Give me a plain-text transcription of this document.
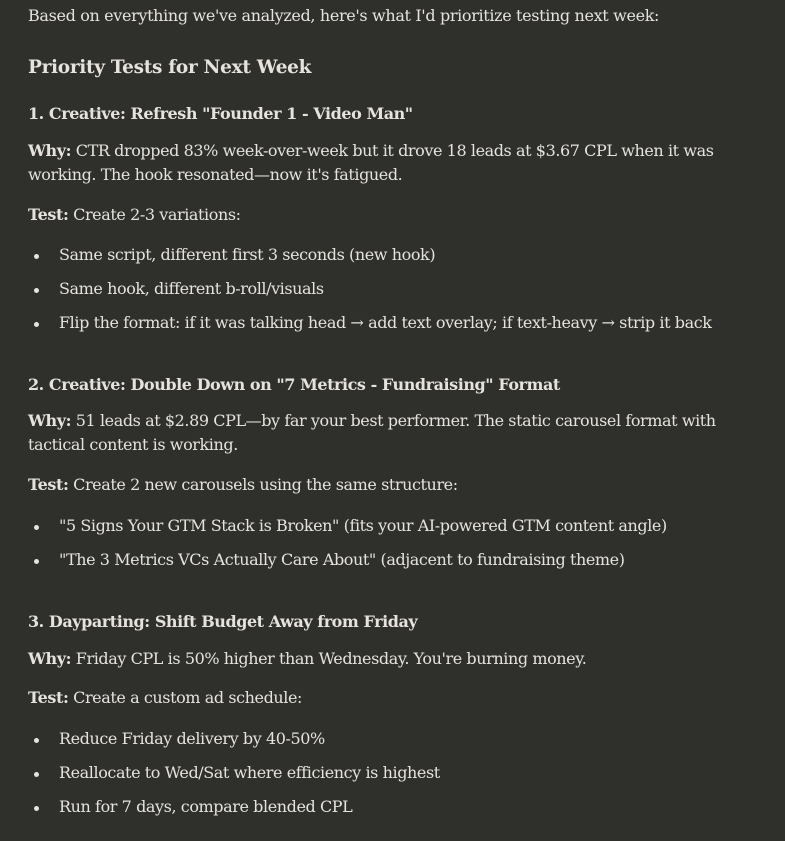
Based on everything we've analyzed, here's what I'd prioritize testing next week:
Priority Tests for Next Week
1. Creative: Refresh "Founder 1 - Video Man"
Why: CTR dropped 83% week-over-week but it drove 18 leads at $3.67 CPL when it was working. The hook resonated—now it's fatigued.
Test: Create 2-3 variations:
Same script, different first 3 seconds (new hook)
Same hook, different b-roll/visuals
Flip the format: if it was talking head → add text overlay; if text-heavy → strip it back
2. Creative: Double Down on "7 Metrics - Fundraising" Format
Why: 51 leads at $2.89 CPL—by far your best performer. The static carousel format with tactical content is working.
Test: Create 2 new carousels using the same structure:
"5 Signs Your GTM Stack is Broken" (fits your AI-powered GTM content angle)
"The 3 Metrics VCs Actually Care About" (adjacent to fundraising theme)
3. Dayparting: Shift Budget Away from Friday
Why: Friday CPL is 50% higher than Wednesday. You're burning money.
Test: Create a custom ad schedule:
Reduce Friday delivery by 40-50%
Reallocate to Wed/Sat where efficiency is highest
Run for 7 days, compare blended CPL
